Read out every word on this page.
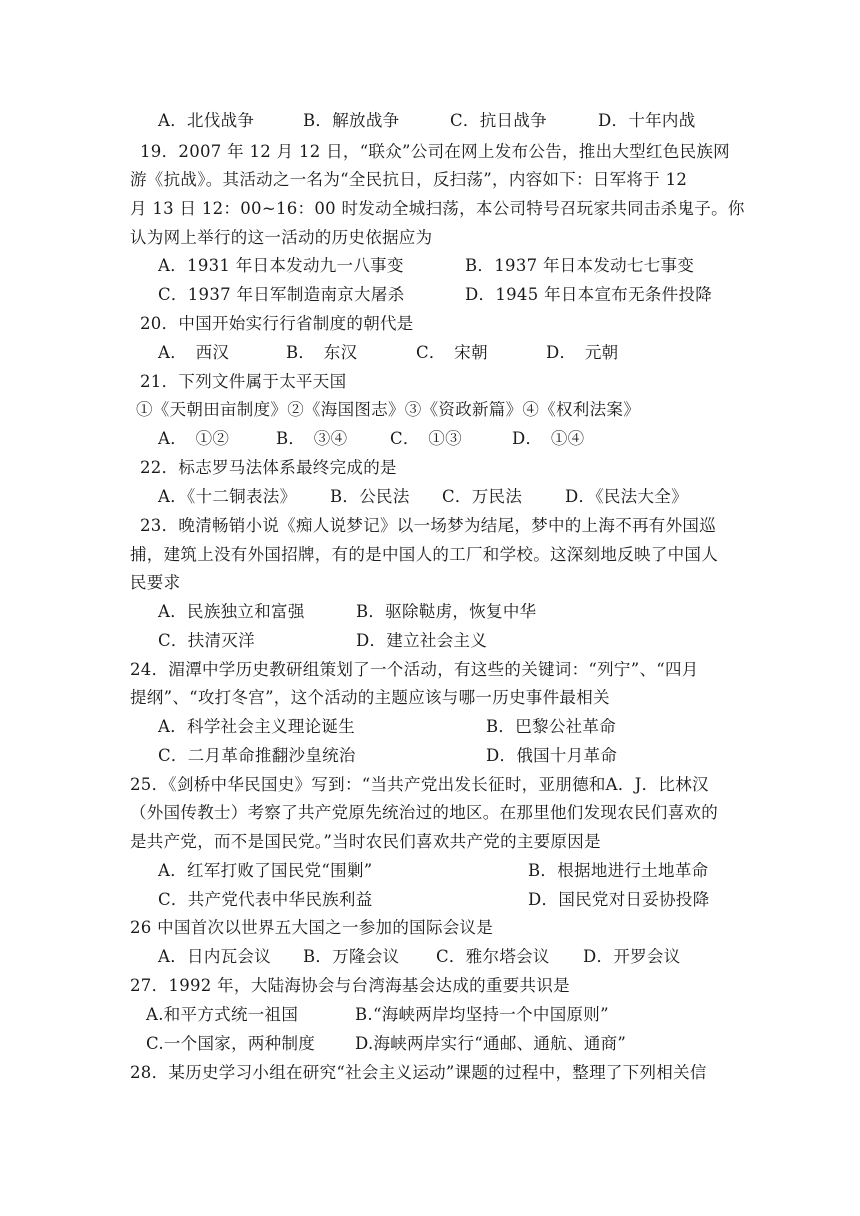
A．北伐战争	B．解放战争	C．抗日战争	D．十年内战
19．2007 年 12 月 12 日，“联众”公司在网上发布公告，推出大型红色民族网
游《抗战》。其活动之一名为“全民抗日，反扫荡”，内容如下：日军将于 12
月 13 日 12：00~16：00 时发动全城扫荡，本公司特号召玩家共同击杀鬼子。你
认为网上举行的这一活动的历史依据应为
A．1931 年日本发动九一八事变	B．1937 年日本发动七七事变
C．1937 年日军制造南京大屠杀	D．1945 年日本宣布无条件投降
20．中国开始实行行省制度的朝代是
A．　西汉	B．　东汉	C．　宋朝	D．　元朝
21．下列文件属于太平天国
①《天朝田亩制度》②《海国图志》③《资政新篇》④《权利法案》
A．　①②	B．　③④	C．　①③	D．　①④
22．标志罗马法体系最终完成的是
A．《十二铜表法》 B．公民法 C．万民法	D．《民法大全》
23．晚清畅销小说《痴人说梦记》以一场梦为结尾，梦中的上海不再有外国巡
捕，建筑上没有外国招牌，有的是中国人的工厂和学校。这深刻地反映了中国人
民要求
A．民族独立和富强	B．驱除鞑虏，恢复中华
C．扶清灭洋	D．建立社会主义
24．湄潭中学历史教研组策划了一个活动，有这些的关键词：“列宁”、“四月
提纲”、“攻打冬宫”，这个活动的主题应该与哪一历史事件最相关
A．科学社会主义理论诞生	B．巴黎公社革命
C．二月革命推翻沙皇统治	D．俄国十月革命
25．《剑桥中华民国史》写到：“当共产党出发长征时，亚朋德和A．J．比林汉
（外国传教士）考察了共产党原先统治过的地区。在那里他们发现农民们喜欢的
是共产党，而不是国民党。”当时农民们喜欢共产党的主要原因是
A．红军打败了国民党“围剿”	B．根据地进行土地革命
C．共产党代表中华民族利益	D．国民党对日妥协投降
26 中国首次以世界五大国之一参加的国际会议是
A．日内瓦会议 B．万隆会议 C．雅尔塔会议 D．开罗会议
27．1992 年，大陆海协会与台湾海基会达成的重要共识是
A.和平方式统一祖国	B.“海峡两岸均坚持一个中国原则”
C.一个国家，两种制度 D.海峡两岸实行“通邮、通航、通商”
28．某历史学习小组在研究“社会主义运动”课题的过程中，整理了下列相关信
